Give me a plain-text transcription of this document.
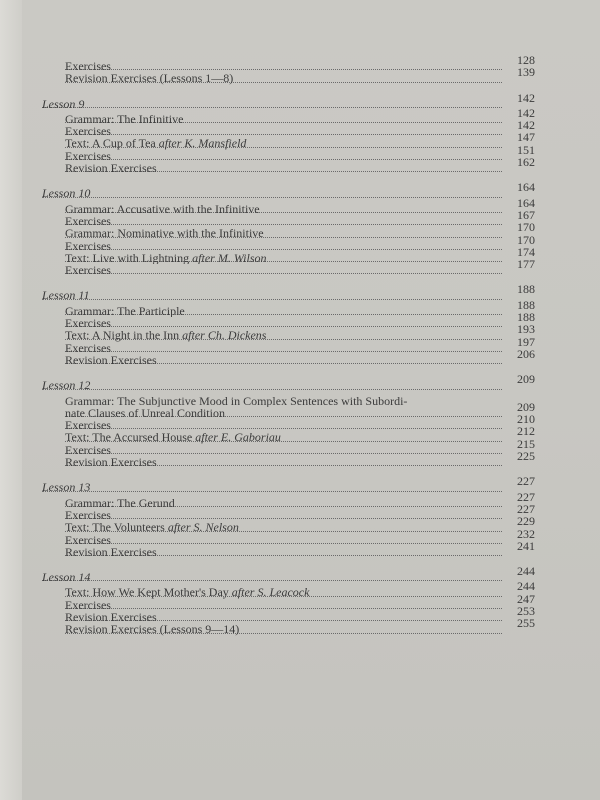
Exercises	128
Revision Exercises (Lessons 1—8)	139
Lesson 9	142
Grammar: The Infinitive	142
Exercises	142
Text: A Cup of Tea after K. Mansfield	147
Exercises	151
Revision Exercises	162
Lesson 10	164
Grammar: Accusative with the Infinitive	164
Exercises	167
Grammar: Nominative with the Infinitive	170
Exercises	170
Text: Live with Lightning after M. Wilson	174
Exercises	177
Lesson 11	188
Grammar: The Participle	188
Exercises	188
Text: A Night in the Inn after Ch. Dickens	193
Exercises	197
Revision Exercises	206
Lesson 12	209
Grammar: The Subjunctive Mood in Complex Sentences with Subordi-
nate Clauses of Unreal Condition	209
Exercises	210
Text: The Accursed House after E. Gaboriau	212
Exercises	215
Revision Exercises	225
Lesson 13	227
Grammar: The Gerund	227
Exercises	227
Text: The Volunteers after S. Nelson	229
Exercises	232
Revision Exercises	241
Lesson 14	244
Text: How We Kept Mother's Day after S. Leacock	244
Exercises	247
Revision Exercises	253
Revision Exercises (Lessons 9—14)	255
